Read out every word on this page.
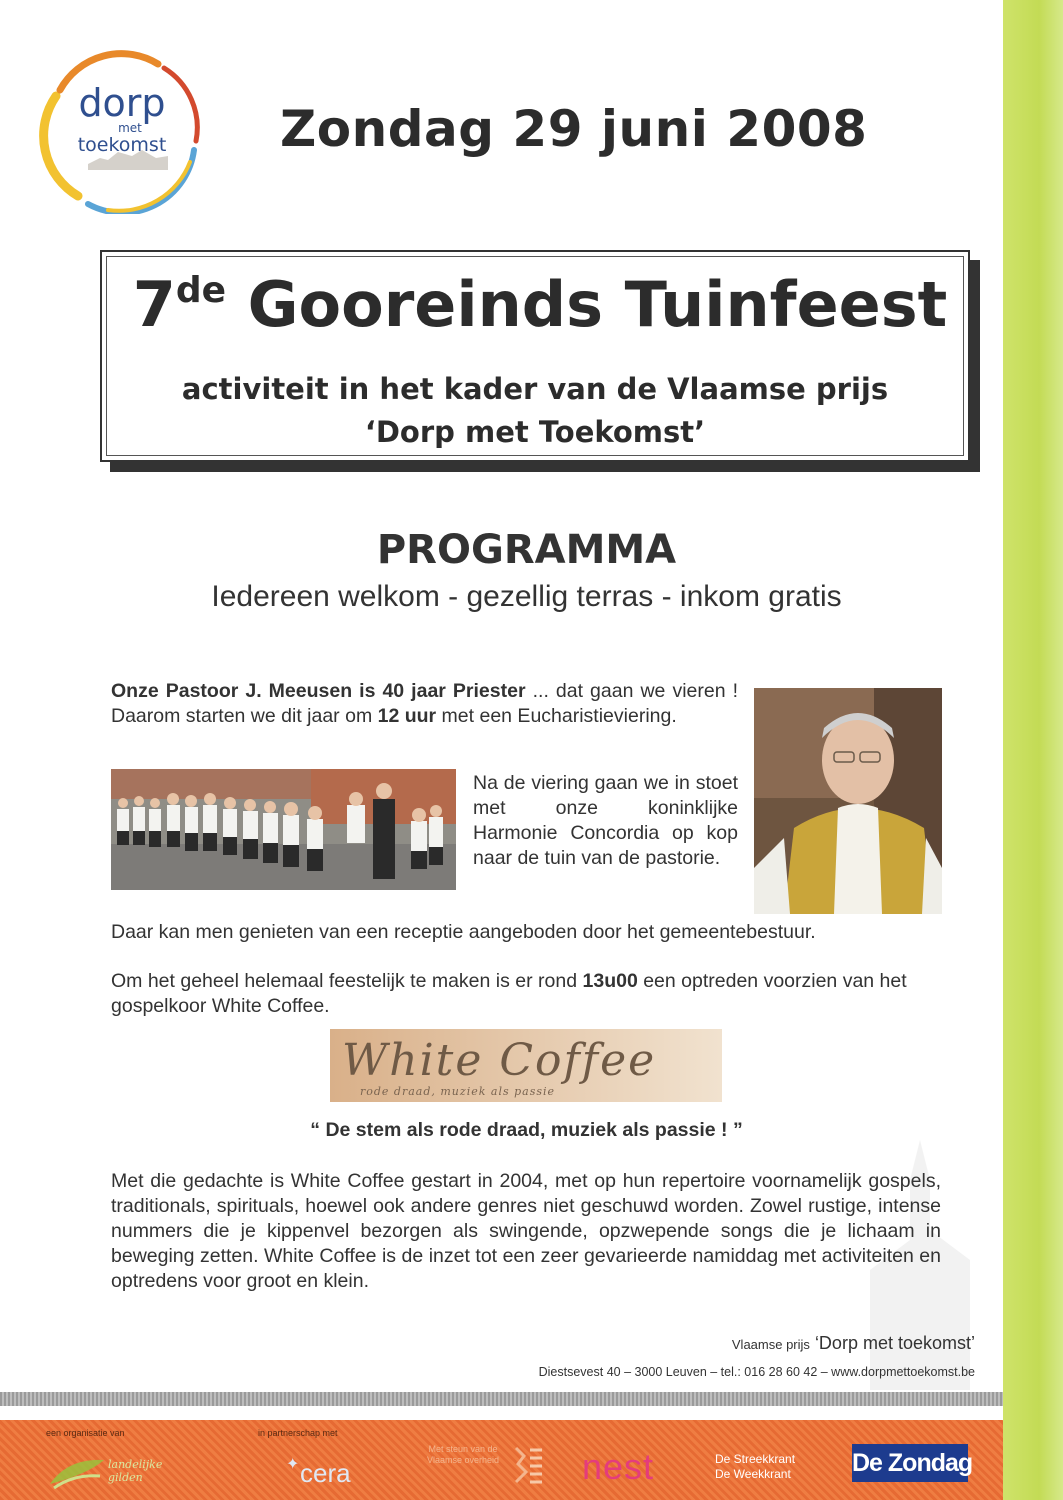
dorp
met
toekomst Zondag 29 juni 2008
7de Gooreinds Tuinfeest
activiteit in het kader van de Vlaamse prijs
‘Dorp met Toekomst’
PROGRAMMA
Iedereen welkom - gezellig terras - inkom gratis
Onze Pastoor J. Meeusen is 40 jaar Priester ... dat gaan we vieren ! Daarom starten we dit jaar om 12 uur met een Eucharistieviering.
Na de viering gaan we in stoet met onze koninklijke Harmonie Concordia op kop naar de tuin van de pastorie.
Daar kan men genieten van een receptie aangeboden door het gemeentebestuur.
Om het geheel helemaal feestelijk te maken is er rond 13u00 een optreden voorzien van het gospelkoor White Coffee.
White Coffee
rode draad, muziek als passie
“ De stem als rode draad, muziek als passie ! ”
Met die gedachte is White Coffee gestart in 2004, met op hun repertoire voornamelijk gospels, traditionals, spirituals, hoewel ook andere genres niet geschuwd worden. Zowel rustige, intense nummers die je kippenvel bezorgen als swingende, opzwepende songs die je lichaam in beweging zetten. White Coffee is de inzet tot een zeer gevarieerde namiddag met activiteiten en optredens voor groot en klein.
Vlaamse prijs ‘Dorp met toekomst’
Diestsevest 40 – 3000 Leuven – tel.: 016 28 60 42 – www.dorpmettoekomst.be
een organisatie van	in partnerschap met
landelijke gilden
✦ cera
Met steun van de Vlaamse overheid nest	De Streekkrant
De Weekkrant De Zondag
